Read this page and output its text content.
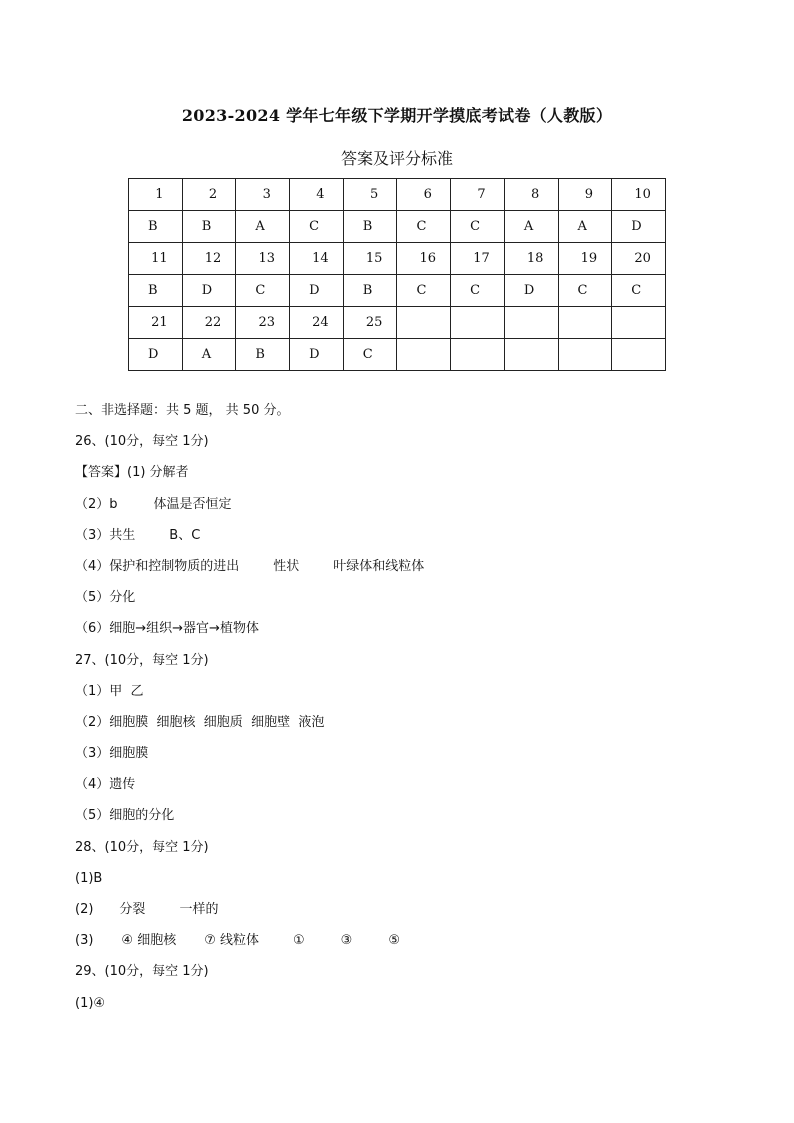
2023-2024 学年七年级下学期开学摸底考试卷（人教版）
答案及评分标准
1	2	3	4	5	6	7	8	9	10
B	B	A	C	B	C	C	A	A	D
11	12	13	14	15	16	17	18	19	20
B	D	C	D	B	C	C	D	C	C
21	22	23	24	25					
D	A	B	D	C					
二、非选择题：共 5 题， 共 50 分。
26、(10分，每空 1分)
【答案】(1) 分解者
（2）b	体温是否恒定
（3）共生	B、C
（4）保护和控制物质的进出	性状	叶绿体和线粒体
（5）分化
（6）细胞→组织→器官→植物体
27、(10分，每空 1分)
（1）甲  乙
（2）细胞膜  细胞核  细胞质  细胞壁  液泡
（3）细胞膜
（4）遗传
（5）细胞的分化
28、(10分，每空 1分)
(1)B
(2) 分裂	一样的
(3) ④ 细胞核 ⑦ 线粒体	①	③	⑤
29、(10分，每空 1分)
(1)④
